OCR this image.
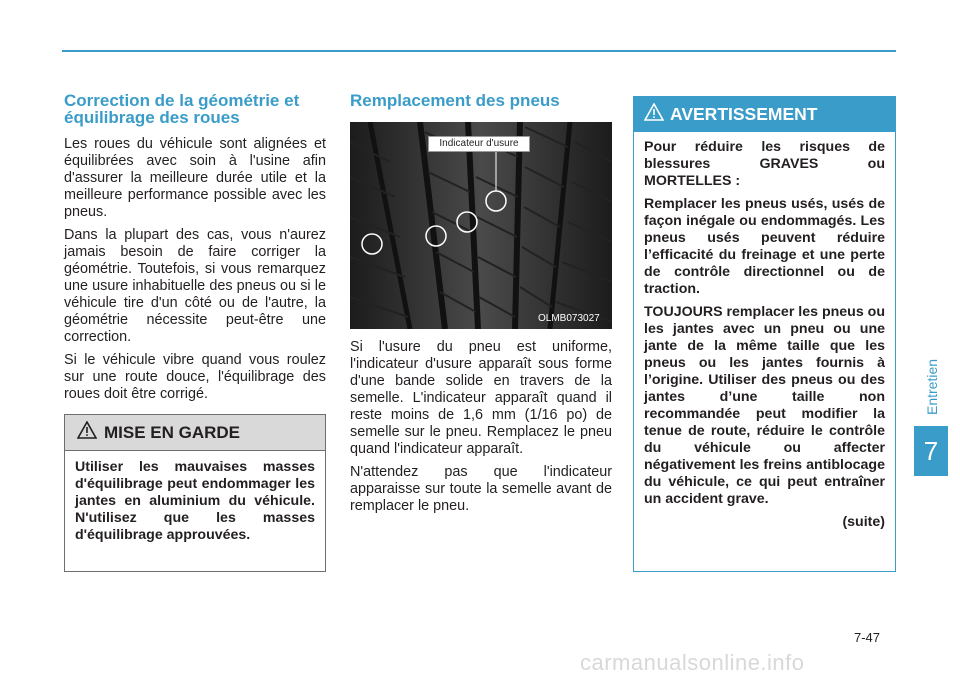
Correction de la géométrie et équilibrage des roues

Les roues du véhicule sont alignées et équilibrées avec soin à l'usine afin d'assurer la meilleure durée utile et la meilleure performance possible avec les pneus.

Dans la plupart des cas, vous n'aurez jamais besoin de faire corriger la géométrie. Toutefois, si vous remarquez une usure inhabituelle des pneus ou si le véhicule tire d'un côté ou de l'autre, la géométrie nécessite peut-être une correction.

Si le véhicule vibre quand vous roulez sur une route douce, l'équilibrage des roues doit être corrigé.

MISE EN GARDE
Utiliser les mauvaises masses d'équilibrage peut endommager les jantes en aluminium du véhicule. N'utilisez que les masses d'équilibrage approuvées.
Remplacement des pneus
Indicateur d'usure
OLMB073027

Si l'usure du pneu est uniforme, l'indicateur d'usure apparaît sous forme d'une bande solide en travers de la semelle. L'indicateur apparaît quand il reste moins de 1,6 mm (1/16 po) de semelle sur le pneu. Remplacez le pneu quand l'indicateur apparaît.

N'attendez pas que l'indicateur apparaisse sur toute la semelle avant de remplacer le pneu.

AVERTISSEMENT

Pour réduire les risques de blessures GRAVES ou MORTELLES :

Remplacer les pneus usés, usés de façon inégale ou endommagés. Les pneus usés peuvent réduire l’efficacité du freinage et une perte de contrôle directionnel ou de traction.

TOUJOURS remplacer les pneus ou les jantes avec un pneu ou une jante de la même taille que les pneus ou les jantes fournis à l’origine. Utiliser des pneus ou des jantes d’une taille non recommandée peut modifier la tenue de route, réduire le contrôle du véhicule ou affecter négativement les freins antiblocage du véhicule, ce qui peut entraîner un accident grave.

(suite)

Entretien
7
7-47
carmanualsonline.info
